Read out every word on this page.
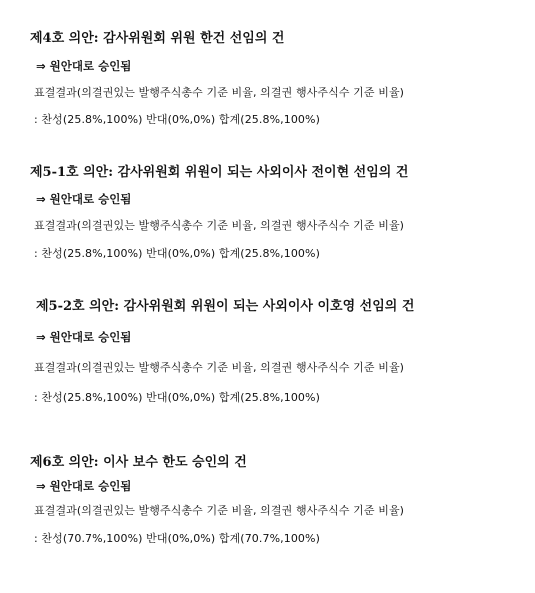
제4호 의안: 감사위원회 위원 한건 선임의 건
⇒ 원안대로 승인됨
표결결과(의결권있는 발행주식총수 기준 비율, 의결권 행사주식수 기준 비율)
: 찬성(25.8%,100%) 반대(0%,0%) 합계(25.8%,100%)
제5-1호 의안: 감사위원회 위원이 되는 사외이사 전이현 선임의 건
⇒ 원안대로 승인됨
표결결과(의결권있는 발행주식총수 기준 비율, 의결권 행사주식수 기준 비율)
: 찬성(25.8%,100%) 반대(0%,0%) 합계(25.8%,100%)
제5-2호 의안: 감사위원회 위원이 되는 사외이사 이호영 선임의 건
⇒ 원안대로 승인됨
표결결과(의결권있는 발행주식총수 기준 비율, 의결권 행사주식수 기준 비율)
: 찬성(25.8%,100%) 반대(0%,0%) 합계(25.8%,100%)
제6호 의안: 이사 보수 한도 승인의 건
⇒ 원안대로 승인됨
표결결과(의결권있는 발행주식총수 기준 비율, 의결권 행사주식수 기준 비율)
: 찬성(70.7%,100%) 반대(0%,0%) 합계(70.7%,100%)
